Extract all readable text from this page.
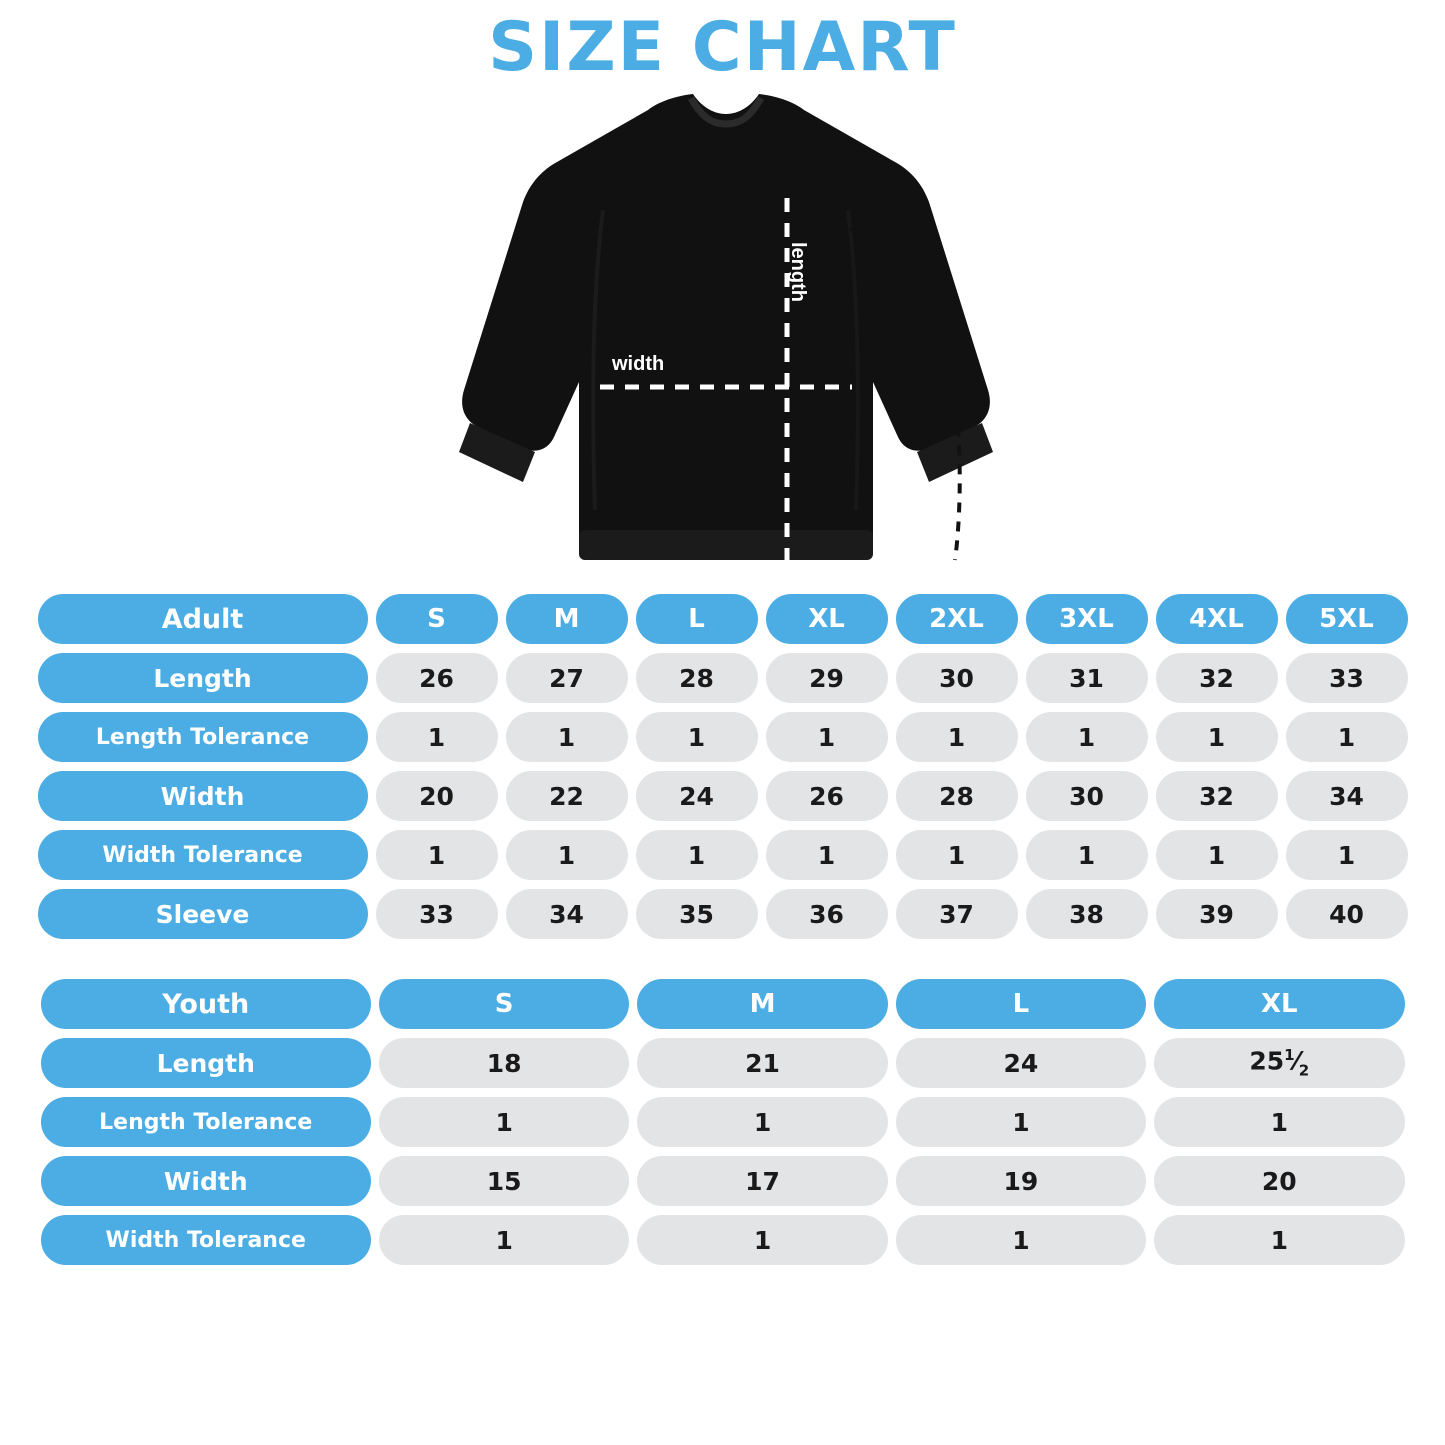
SIZE CHART
width
length
sleeve
Adult	S	M	L	XL	2XL	3XL	4XL	5XL
Length	26	27	28	29	30	31	32	33
Length Tolerance	1	1	1	1	1	1	1	1
Width	20	22	24	26	28	30	32	34
Width Tolerance	1	1	1	1	1	1	1	1
Sleeve	33	34	35	36	37	38	39	40
Youth	S	M	L	XL
Length	18	21	24	$25^1⁄_2$
Length Tolerance	1	1	1	1
Width	15	17	19	20
Width Tolerance	1	1	1	1
